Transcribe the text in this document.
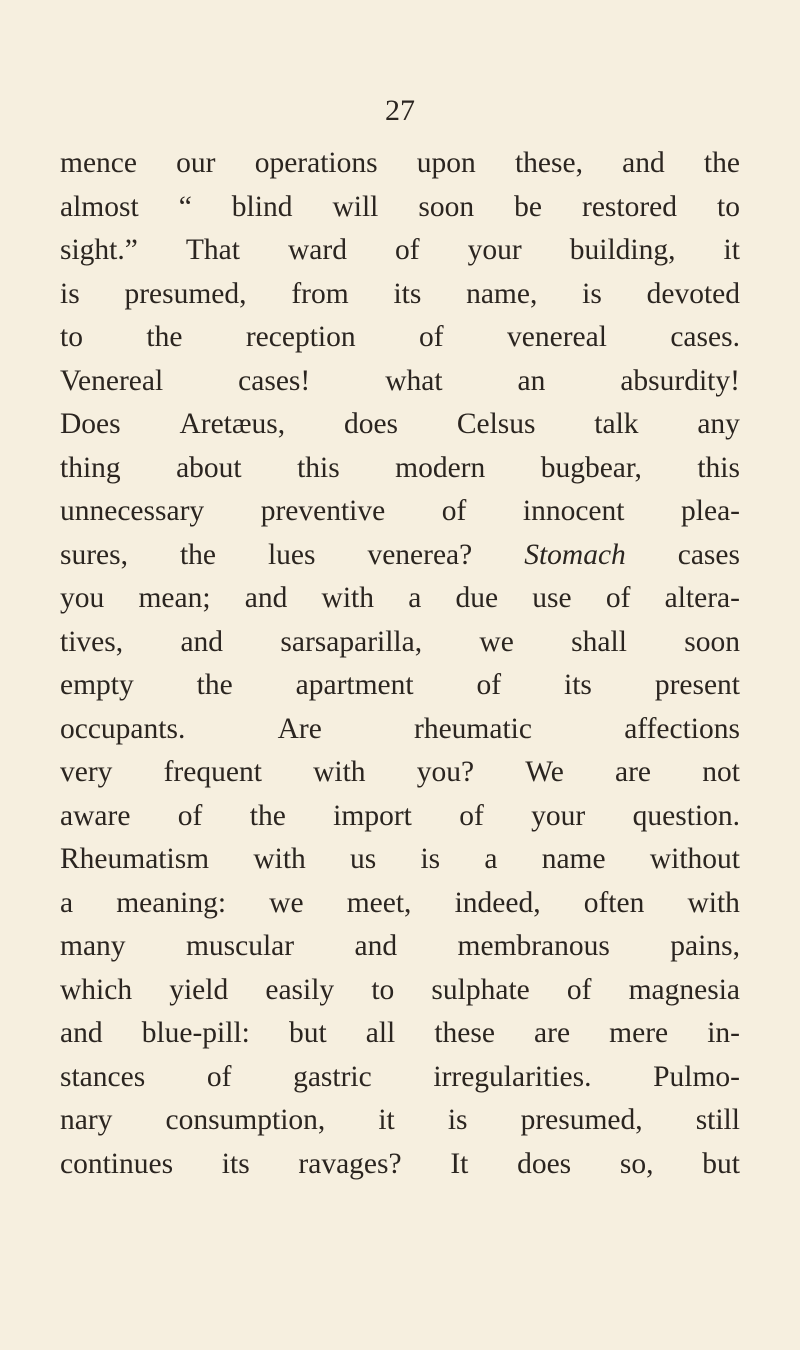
27
mence our operations upon these, and the
almost “ blind will soon be restored to
sight.” That ward of your building, it
is presumed, from its name, is devoted
to the reception of venereal cases.
Venereal	cases!	what	an	absurdity!
Does Aretæus, does Celsus talk any
thing about this modern bugbear, this
unnecessary preventive of innocent plea-
sures, the lues venerea? Stomach cases
you mean; and with a due use of altera-
tives, and sarsaparilla, we shall soon
empty the apartment of its present
occupants.	Are	rheumatic	affections
very frequent with you? We are not
aware of the import of your question.
Rheumatism with us is a name without
a meaning: we meet, indeed, often with
many muscular and membranous pains,
which yield easily to sulphate of magnesia
and blue-pill: but all these are mere in-
stances of gastric irregularities. Pulmo-
nary consumption, it is presumed, still
continues its ravages? It does so, but
